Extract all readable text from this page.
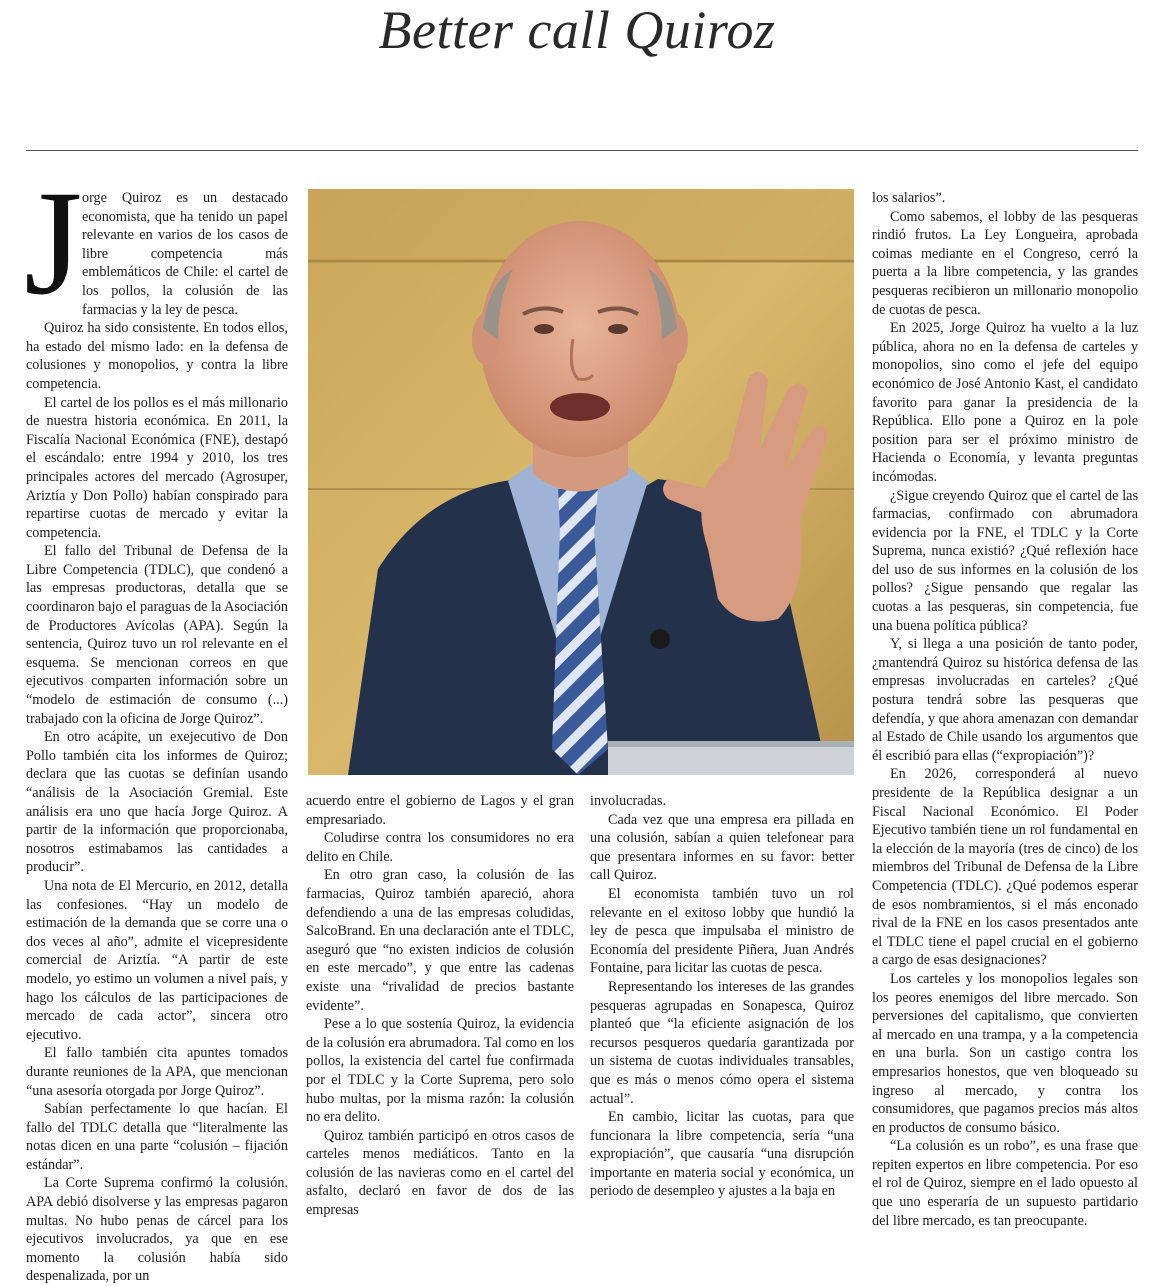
Better call Quiroz
J orge Quiroz es un destacado economista, que ha tenido un papel relevante en varios de los casos de libre competencia más emblemáticos de Chile: el cartel de los pollos, la colusión de las farmacias y la ley de pesca.

Quiroz ha sido consistente. En todos ellos, ha estado del mismo lado: en la defensa de colusiones y monopolios, y contra la libre competencia.

El cartel de los pollos es el más millonario de nuestra historia económica. En 2011, la Fiscalía Nacional Económica (FNE), destapó el escándalo: entre 1994 y 2010, los tres principales actores del mercado (Agrosuper, Ariztía y Don Pollo) habían conspirado para repartirse cuotas de mercado y evitar la competencia.

El fallo del Tribunal de Defensa de la Libre Competencia (TDLC), que condenó a las empresas productoras, detalla que se coordinaron bajo el paraguas de la Asociación de Productores Avícolas (APA). Según la sentencia, Quiroz tuvo un rol relevante en el esquema. Se mencionan correos en que ejecutivos comparten información sobre un “modelo de estimación de consumo (...) trabajado con la oficina de Jorge Quiroz”.

En otro acápite, un exejecutivo de Don Pollo también cita los informes de Quiroz; declara que las cuotas se definían usando “análisis de la Asociación Gremial. Este análisis era uno que hacía Jorge Quiroz. A partir de la información que proporcionaba, nosotros estimabamos las cantidades a producir”.

Una nota de El Mercurio, en 2012, detalla las confesiones. “Hay un modelo de estimación de la demanda que se corre una o dos veces al año”, admite el vicepresidente comercial de Ariztía. “A partir de este modelo, yo estimo un volumen a nivel país, y hago los cálculos de las participaciones de mercado de cada actor”, sincera otro ejecutivo.

El fallo también cita apuntes tomados durante reuniones de la APA, que mencionan “una asesoría otorgada por Jorge Quiroz”.

Sabían perfectamente lo que hacían. El fallo del TDLC detalla que “literalmente las notas dicen en una parte “colusión – fijación estándar”.

La Corte Suprema confirmó la colusión. APA debió disolverse y las empresas pagaron multas. No hubo penas de cárcel para los ejecutivos involucrados, ya que en ese momento la colusión había sido despenalizada, por un

acuerdo entre el gobierno de Lagos y el gran empresariado.

Coludirse contra los consumidores no era delito en Chile.

En otro gran caso, la colusión de las farmacias, Quiroz también apareció, ahora defendiendo a una de las empresas coludidas, SalcoBrand. En una declaración ante el TDLC, aseguró que “no existen indicios de colusión en este mercado”, y que entre las cadenas existe una “rivalidad de precios bastante evidente”.

Pese a lo que sostenía Quiroz, la evidencia de la colusión era abrumadora. Tal como en los pollos, la existencia del cartel fue confirmada por el TDLC y la Corte Suprema, pero solo hubo multas, por la misma razón: la colusión no era delito.

Quiroz también participó en otros casos de carteles menos mediáticos. Tanto en la colusión de las navieras como en el cartel del asfalto, declaró en favor de dos de las empresas

involucradas.

Cada vez que una empresa era pillada en una colusión, sabían a quien telefonear para que presentara informes en su favor: better call Quiroz.

El economista también tuvo un rol relevante en el exitoso lobby que hundió la ley de pesca que impulsaba el ministro de Economía del presidente Piñera, Juan Andrés Fontaine, para licitar las cuotas de pesca.

Representando los intereses de las grandes pesqueras agrupadas en Sonapesca, Quiroz planteó que “la eficiente asignación de los recursos pesqueros quedaría garantizada por un sistema de cuotas individuales transables, que es más o menos cómo opera el sistema actual”.

En cambio, licitar las cuotas, para que funcionara la libre competencia, sería “una expropiación”, que causaría “una disrupción importante en materia social y económica, un periodo de desempleo y ajustes a la baja en

los salarios”.

Como sabemos, el lobby de las pesqueras rindió frutos. La Ley Longueira, aprobada coimas mediante en el Congreso, cerró la puerta a la libre competencia, y las grandes pesqueras recibieron un millonario monopolio de cuotas de pesca.

En 2025, Jorge Quiroz ha vuelto a la luz pública, ahora no en la defensa de carteles y monopolios, sino como el jefe del equipo económico de José Antonio Kast, el candidato favorito para ganar la presidencia de la República. Ello pone a Quiroz en la pole position para ser el próximo ministro de Hacienda o Economía, y levanta preguntas incómodas.

¿Sigue creyendo Quiroz que el cartel de las farmacias, confirmado con abrumadora evidencia por la FNE, el TDLC y la Corte Suprema, nunca existió? ¿Qué reflexión hace del uso de sus informes en la colusión de los pollos? ¿Sigue pensando que regalar las cuotas a las pesqueras, sin competencia, fue una buena política pública?

Y, si llega a una posición de tanto poder, ¿mantendrá Quiroz su histórica defensa de las empresas involucradas en carteles? ¿Qué postura tendrá sobre las pesqueras que defendía, y que ahora amenazan con demandar al Estado de Chile usando los argumentos que él escribió para ellas (“expropiación”)?

En 2026, corresponderá al nuevo presidente de la República designar a un Fiscal Nacional Económico. El Poder Ejecutivo también tiene un rol fundamental en la elección de la mayoría (tres de cinco) de los miembros del Tribunal de Defensa de la Libre Competencia (TDLC). ¿Qué podemos esperar de esos nombramientos, si el más enconado rival de la FNE en los casos presentados ante el TDLC tiene el papel crucial en el gobierno a cargo de esas designaciones?

Los carteles y los monopolios legales son los peores enemigos del libre mercado. Son perversiones del capitalismo, que convierten al mercado en una trampa, y a la competencia en una burla. Son un castigo contra los empresarios honestos, que ven bloqueado su ingreso al mercado, y contra los consumidores, que pagamos precios más altos en productos de consumo básico.

“La colusión es un robo”, es una frase que repiten expertos en libre competencia. Por eso el rol de Quiroz, siempre en el lado opuesto al que uno esperaría de un supuesto partidario del libre mercado, es tan preocupante.
